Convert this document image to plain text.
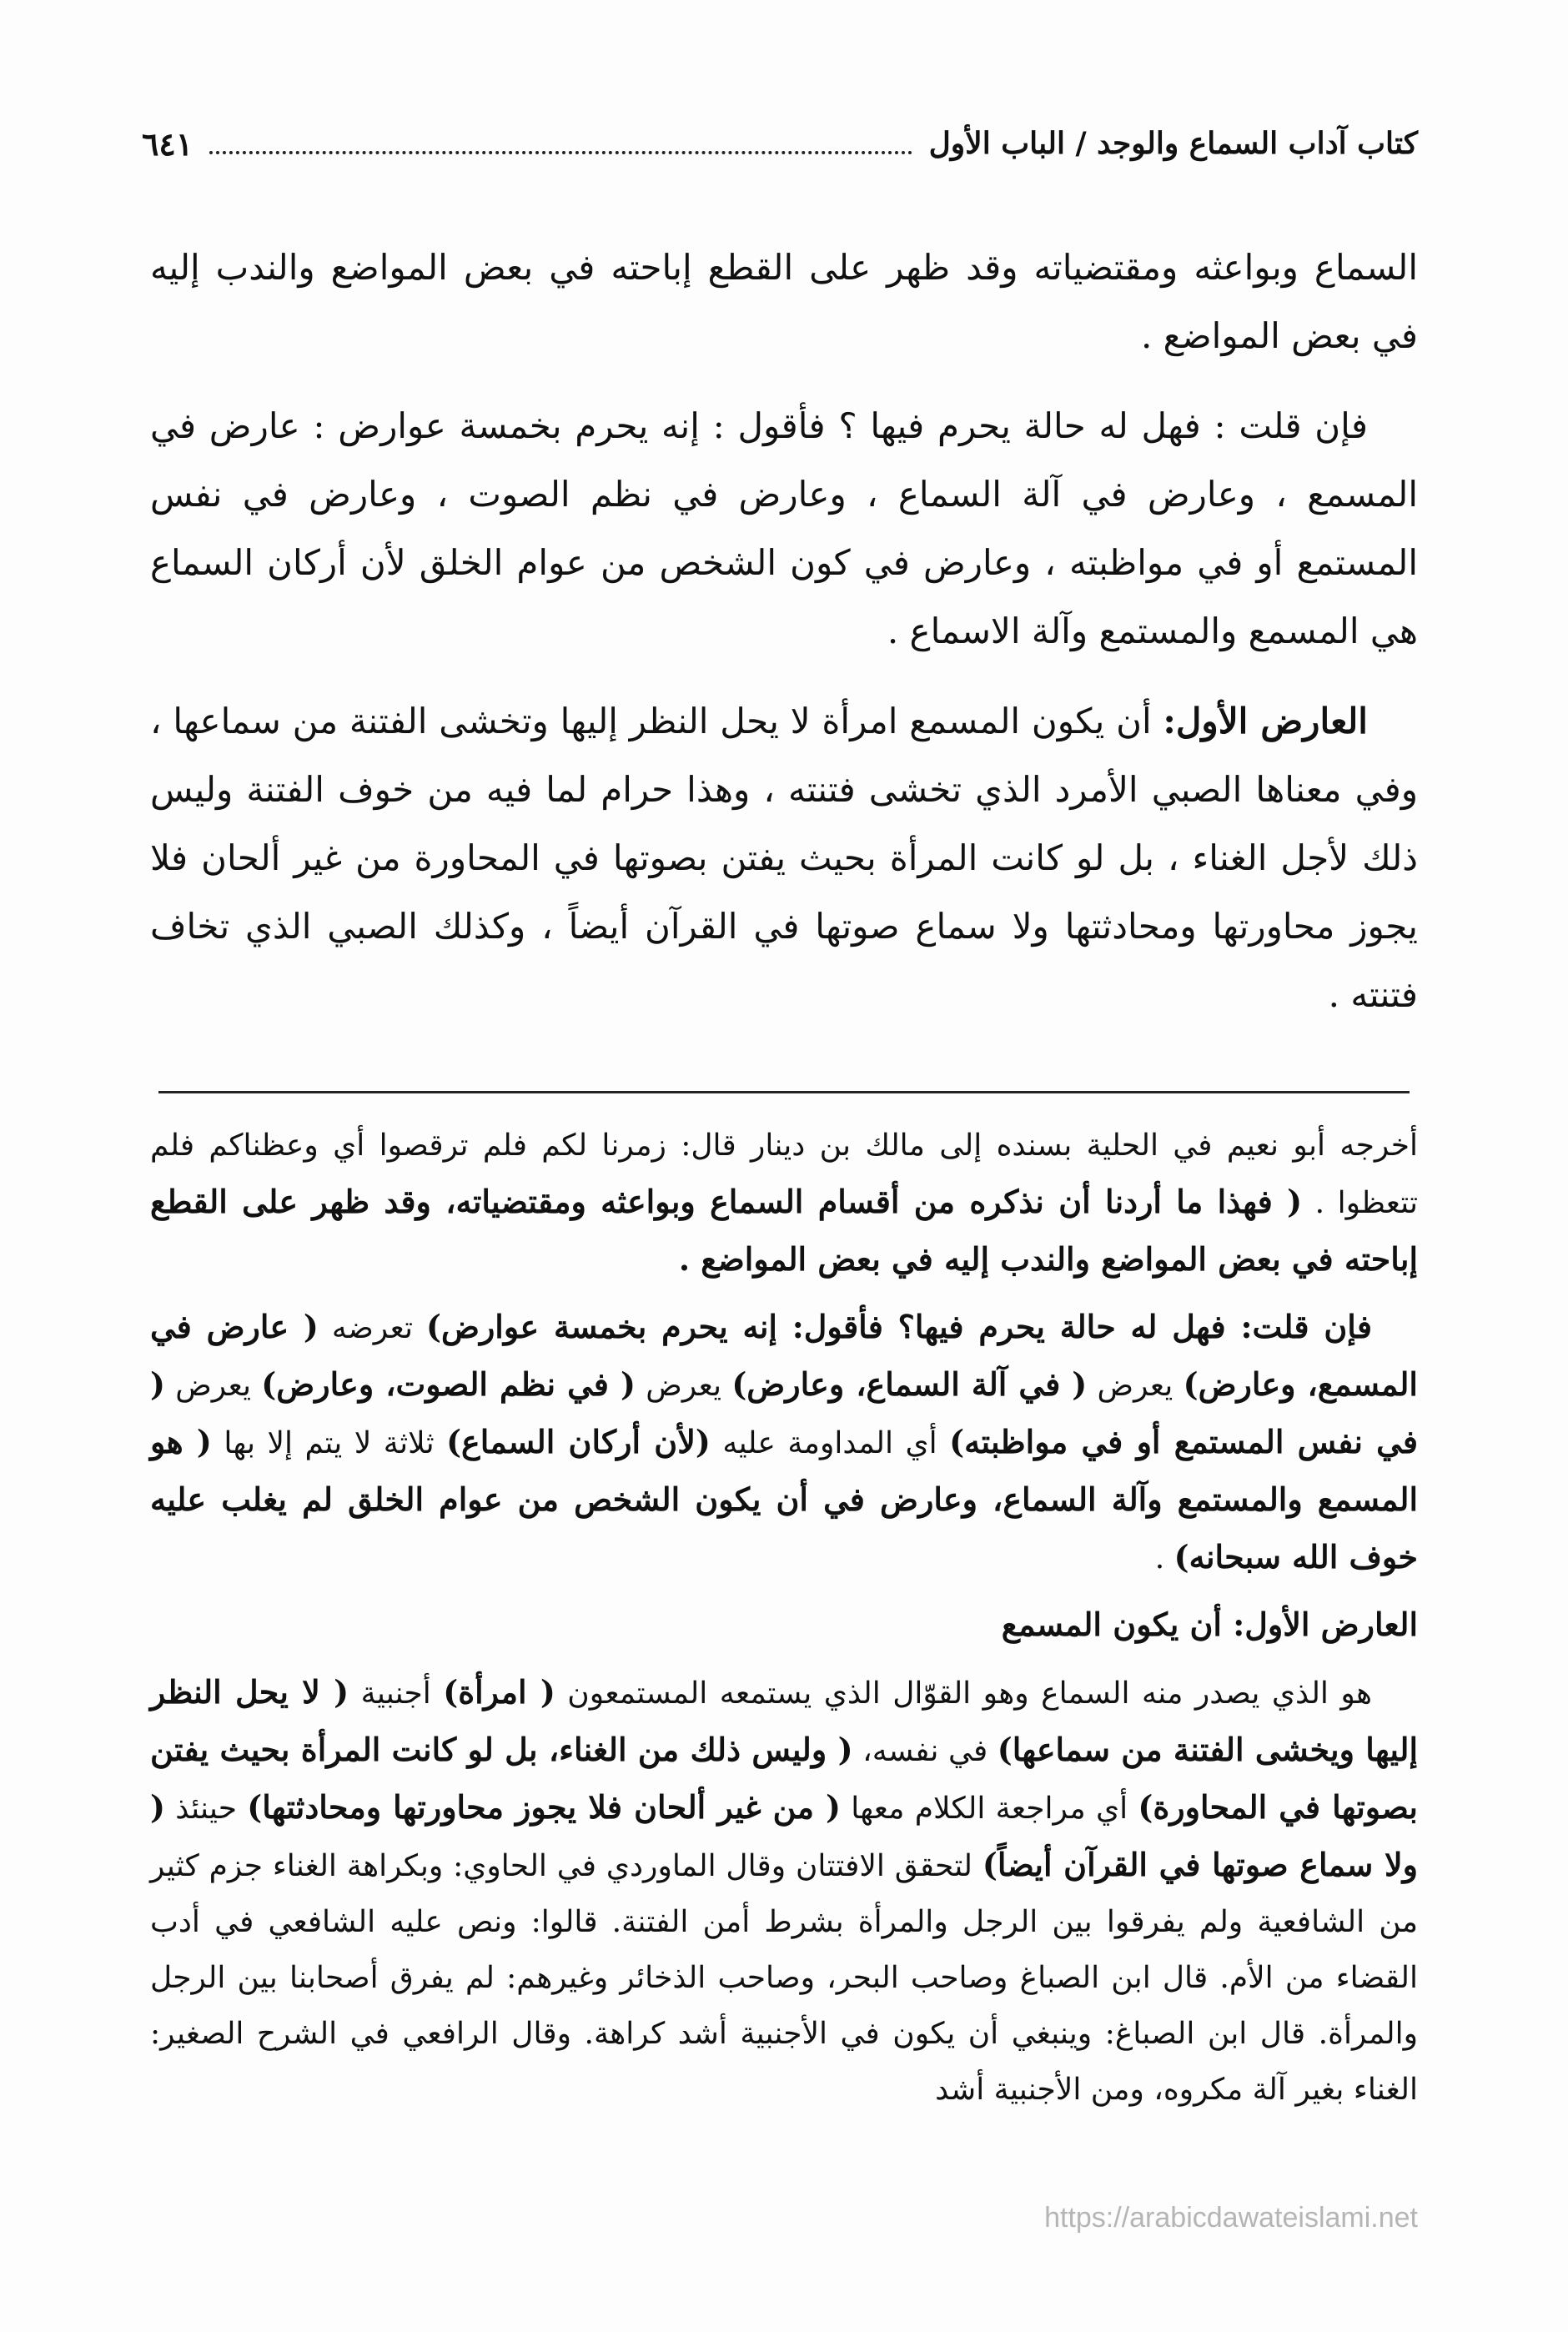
كتاب آداب السماع والوجد / الباب الأول
٦٤١

السماع وبواعثه ومقتضياته وقد ظهر على القطع إباحته في بعض المواضع والندب إليه في بعض المواضع .

فإن قلت : فهل له حالة يحرم فيها ؟ فأقول : إنه يحرم بخمسة عوارض : عارض في المسمع ، وعارض في آلة السماع ، وعارض في نظم الصوت ، وعارض في نفس المستمع أو في مواظبته ، وعارض في كون الشخص من عوام الخلق لأن أركان السماع هي المسمع والمستمع وآلة الاسماع .

العارض الأول: أن يكون المسمع امرأة لا يحل النظر إليها وتخشى الفتنة من سماعها ، وفي معناها الصبي الأمرد الذي تخشى فتنته ، وهذا حرام لما فيه من خوف الفتنة وليس ذلك لأجل الغناء ، بل لو كانت المرأة بحيث يفتن بصوتها في المحاورة من غير ألحان فلا يجوز محاورتها ومحادثتها ولا سماع صوتها في القرآن أيضاً ، وكذلك الصبي الذي تخاف فتنته .

أخرجه أبو نعيم في الحلية بسنده إلى مالك بن دينار قال: زمرنا لكم فلم ترقصوا أي وعظناكم فلم تتعظوا . ( فهذا ما أردنا أن نذكره من أقسام السماع وبواعثه ومقتضياته، وقد ظهر على القطع إباحته في بعض المواضع والندب إليه في بعض المواضع .

فإن قلت: فهل له حالة يحرم فيها؟ فأقول: إنه يحرم بخمسة عوارض) تعرضه ( عارض في المسمع، وعارض) يعرض ( في آلة السماع، وعارض) يعرض ( في نظم الصوت، وعارض) يعرض ( في نفس المستمع أو في مواظبته) أي المداومة عليه (لأن أركان السماع) ثلاثة لا يتم إلا بها ( هو المسمع والمستمع وآلة السماع، وعارض في أن يكون الشخص من عوام الخلق لم يغلب عليه خوف الله سبحانه) .

العارض الأول: أن يكون المسمع

هو الذي يصدر منه السماع وهو القوّال الذي يستمعه المستمعون ( امرأة) أجنبية ( لا يحل النظر إليها ويخشى الفتنة من سماعها) في نفسه، ( وليس ذلك من الغناء، بل لو كانت المرأة بحيث يفتن بصوتها في المحاورة) أي مراجعة الكلام معها ( من غير ألحان فلا يجوز محاورتها ومحادثتها) حينئذ ( ولا سماع صوتها في القرآن أيضاً) لتحقق الافتتان وقال الماوردي في الحاوي: وبكراهة الغناء جزم كثير من الشافعية ولم يفرقوا بين الرجل والمرأة بشرط أمن الفتنة. قالوا: ونص عليه الشافعي في أدب القضاء من الأم. قال ابن الصباغ وصاحب البحر، وصاحب الذخائر وغيرهم: لم يفرق أصحابنا بين الرجل والمرأة. قال ابن الصباغ: وينبغي أن يكون في الأجنبية أشد كراهة. وقال الرافعي في الشرح الصغير: الغناء بغير آلة مكروه، ومن الأجنبية أشد

https://arabicdawateislami.net
